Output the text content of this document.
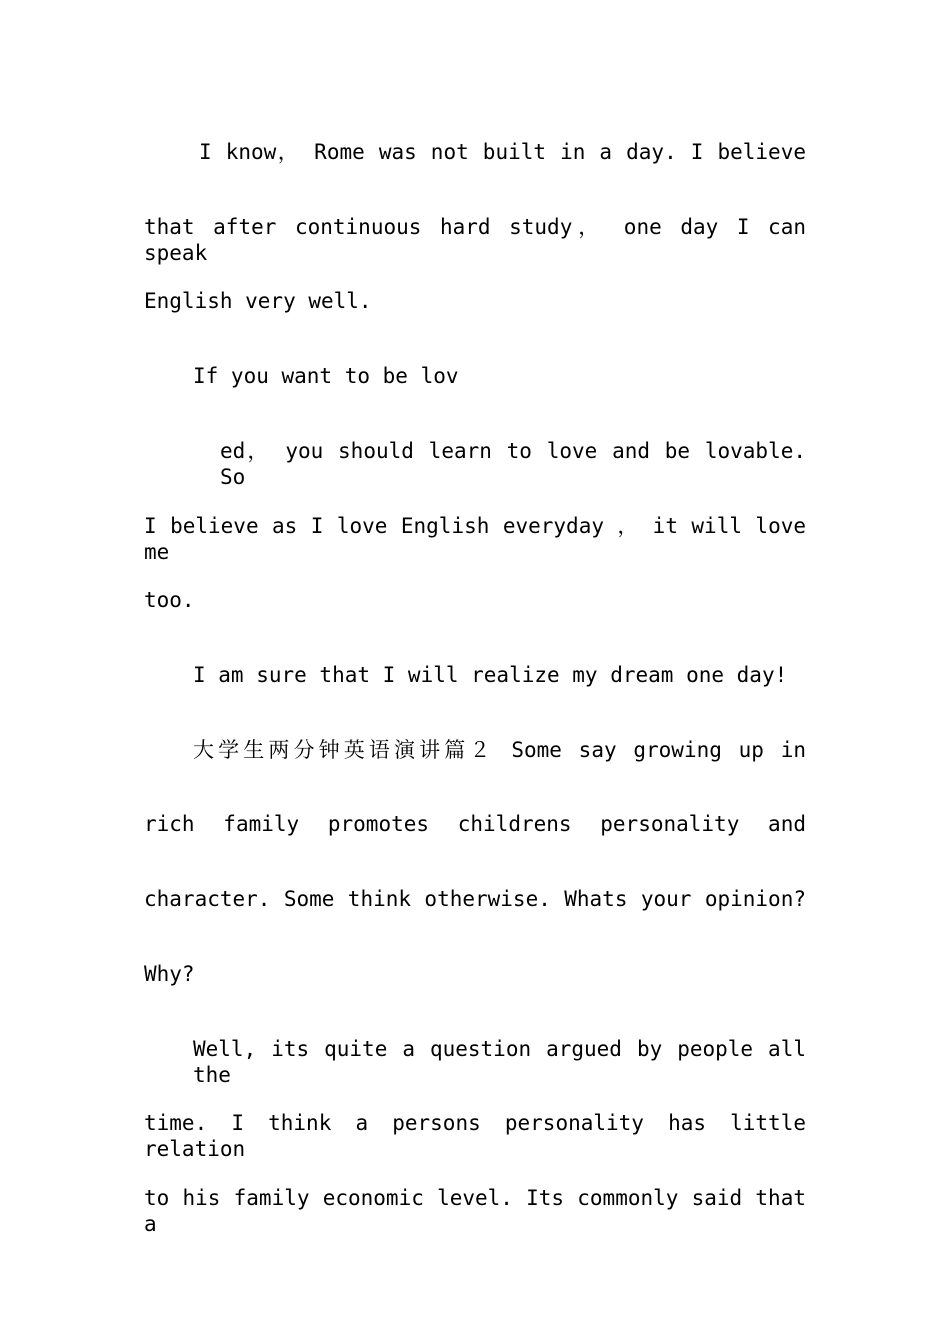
I know， Rome was not built in a day. I believe
that after continuous hard study， one day I can speak
English very well.
If you want to be lov
ed， you should learn to love and be lovable. So
I believe as I love English everyday ， it will love me
too.
I am sure that I will realize my dream one day!
大学生两分钟英语演讲篇２ Some say growing up in
rich family promotes childrens personality and
character. Some think otherwise. Whats your opinion?
Why?
Well, its quite a question argued by people all the
time. I think a persons personality has little relation
to his family economic level. Its commonly said that a
